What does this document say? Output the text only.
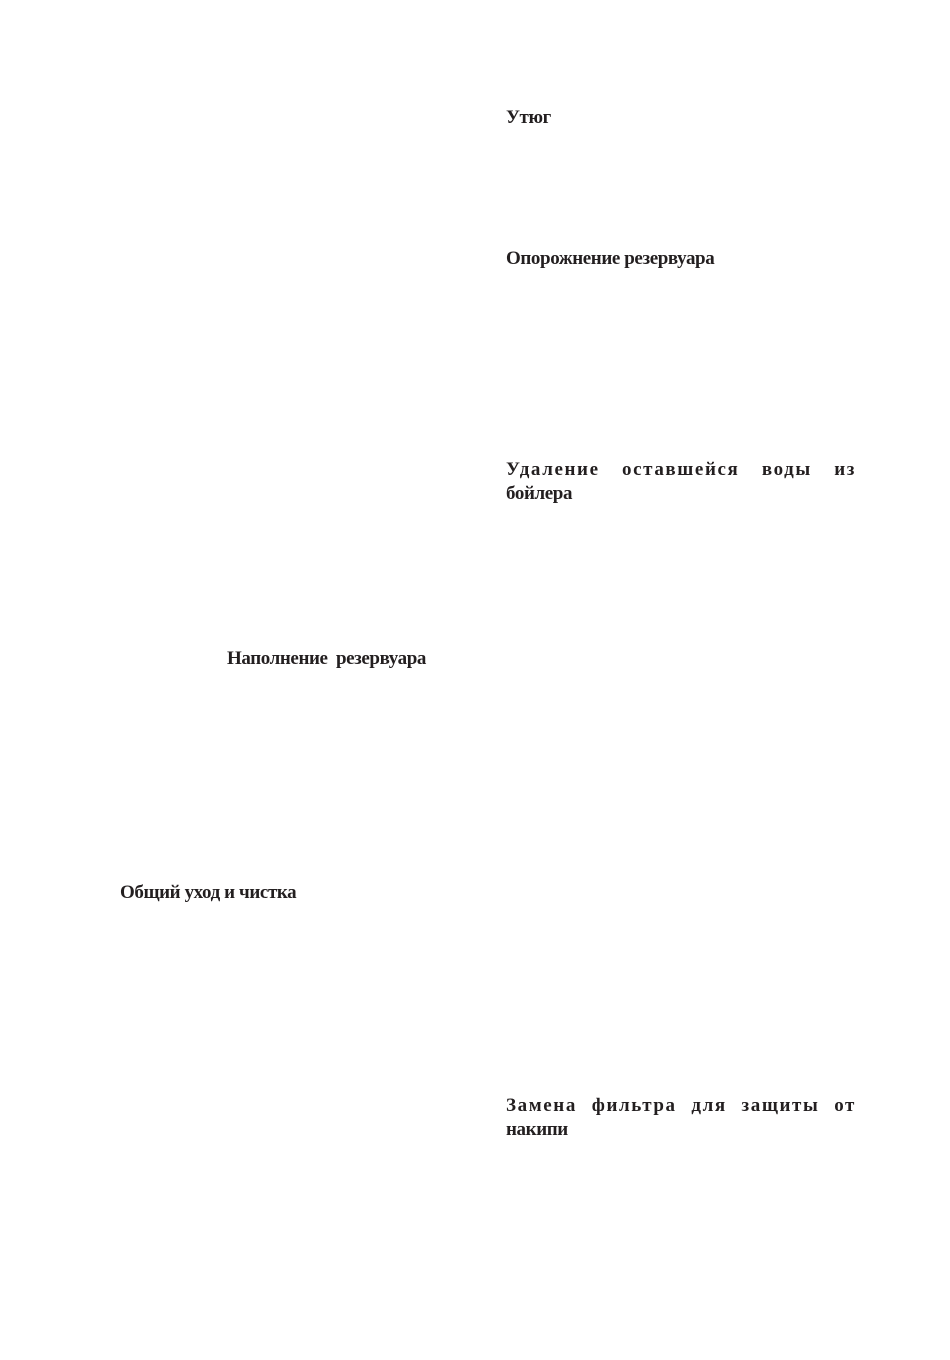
Утюг
Опорожнение резервуара
Удаление оставшейся воды из
бойлера
Наполнение резервуара
Общий уход и чистка
Замена фильтра для защиты от
накипи
